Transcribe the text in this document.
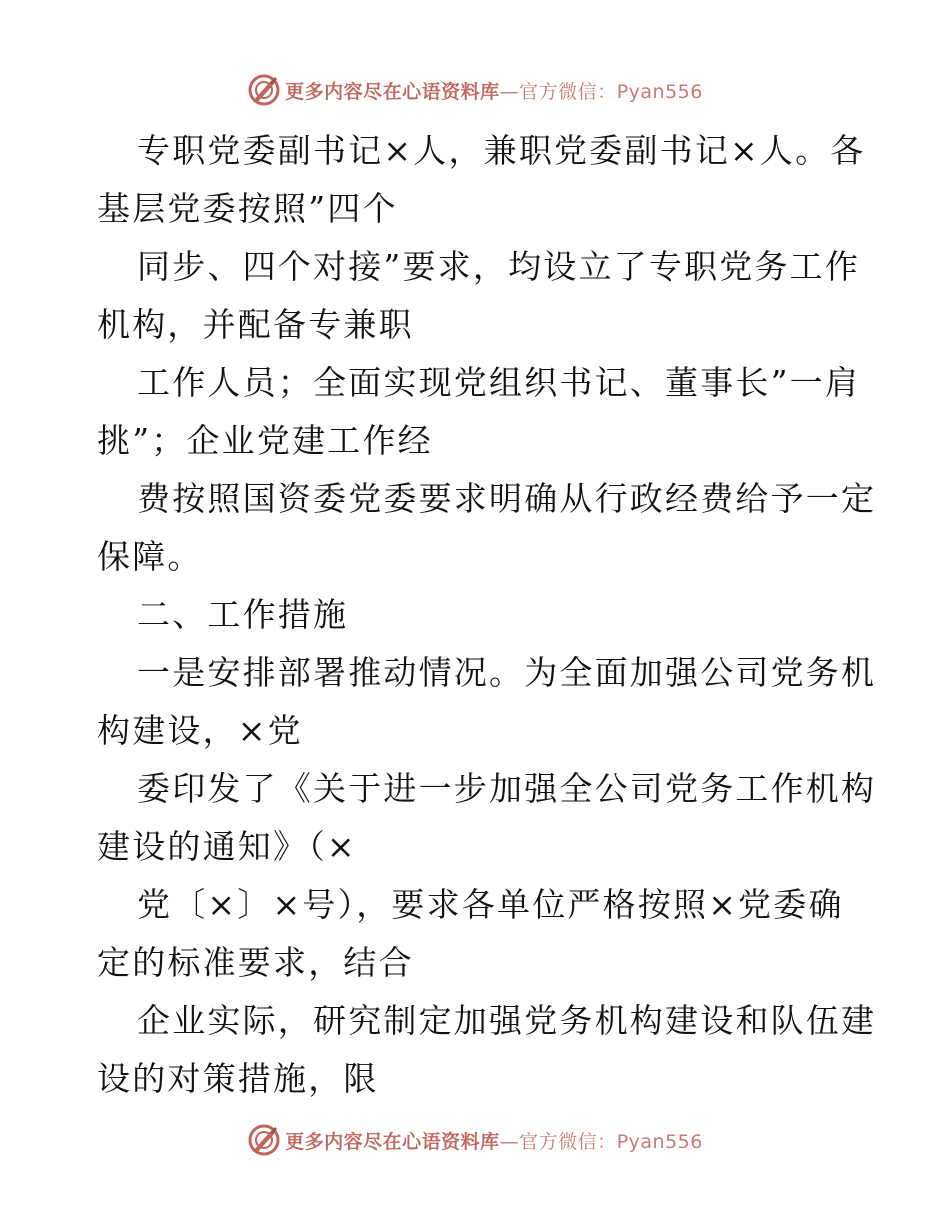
更多内容尽在心语资料库—官方微信：Pyan556
专职党委副书记×人，兼职党委副书记×人。各
基层党委按照”四个
同步、四个对接”要求，均设立了专职党务工作
机构，并配备专兼职
工作人员；全面实现党组织书记、董事长”一肩
挑”；企业党建工作经
费按照国资委党委要求明确从行政经费给予一定
保障。
二、工作措施
一是安排部署推动情况。为全面加强公司党务机
构建设，×党
委印发了《关于进一步加强全公司党务工作机构
建设的通知》（×
党〔×〕×号），要求各单位严格按照×党委确
定的标准要求，结合
企业实际，研究制定加强党务机构建设和队伍建
设的对策措施，限
更多内容尽在心语资料库—官方微信：Pyan556
